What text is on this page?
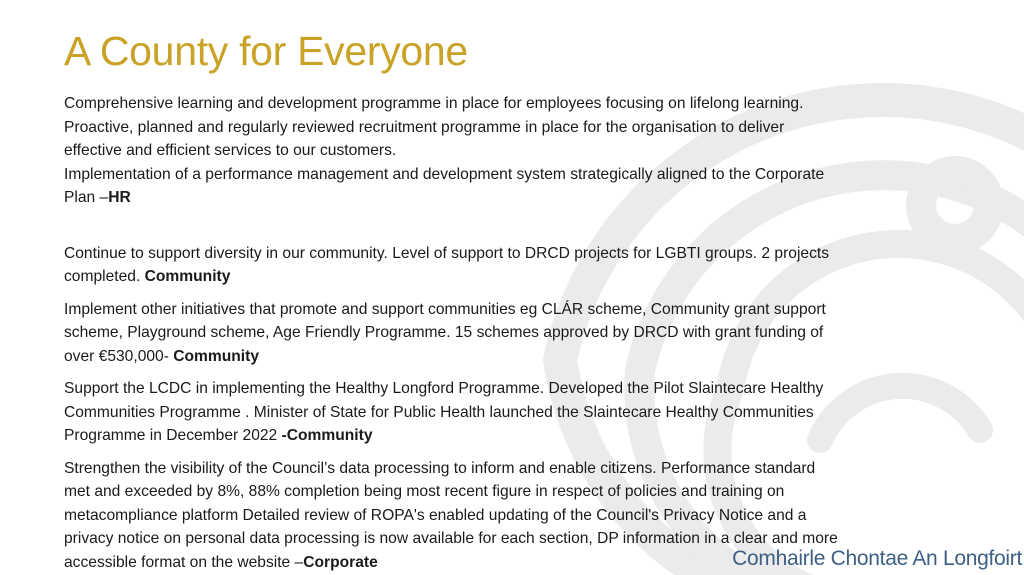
A County for Everyone
Comprehensive learning and development programme in place for employees focusing on lifelong learning.
Proactive, planned and regularly reviewed recruitment programme in place for the organisation to deliver
effective and efficient services to our customers.
Implementation of a performance management and development system strategically aligned to the Corporate
Plan –HR
Continue to support diversity in our community. Level of support to DRCD projects for LGBTI groups. 2 projects
completed. Community
Implement other initiatives that promote and support communities eg CLÁR scheme, Community grant support
scheme, Playground scheme, Age Friendly Programme. 15 schemes approved by DRCD with grant funding of
over €530,000- Community
Support the LCDC in implementing the Healthy Longford Programme. Developed the Pilot Slaintecare Healthy
Communities Programme . Minister of State for Public Health launched the Slaintecare Healthy Communities
Programme in December 2022 -Community
Strengthen the visibility of the Council’s data processing to inform and enable citizens. Performance standard
met and exceeded by 8%, 88% completion being most recent figure in respect of policies and training on
metacompliance platform Detailed review of ROPA's enabled updating of the Council's Privacy Notice and a
privacy notice on personal data processing is now available for each section, DP information in a clear and more
accessible format on the website –Corporate	Comhairle Chontae An Longfoirt
